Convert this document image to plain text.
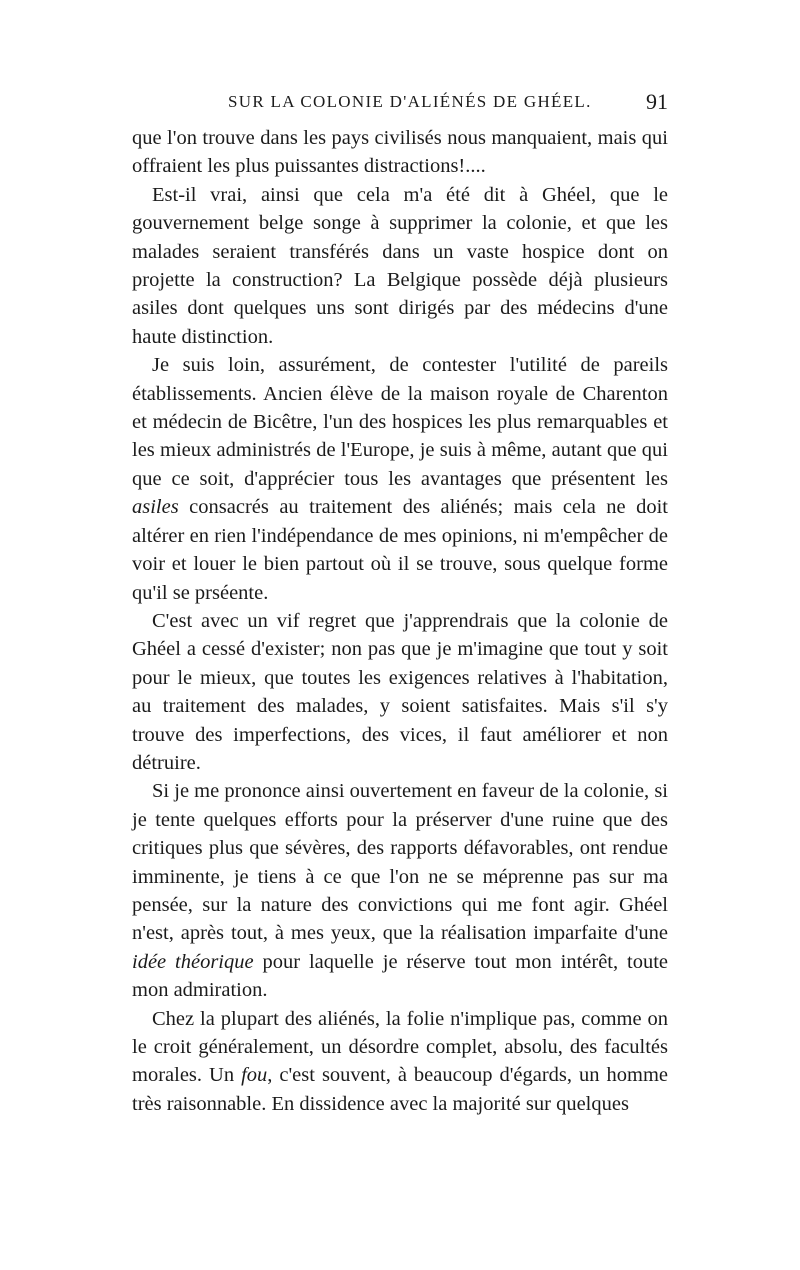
SUR LA COLONIE D'ALIÉNÉS DE GHÉEL. 91

que l'on trouve dans les pays civilisés nous manquaient, mais qui offraient les plus puissantes distractions!....

Est-il vrai, ainsi que cela m'a été dit à Ghéel, que le gouvernement belge songe à supprimer la colonie, et que les malades seraient transférés dans un vaste hospice dont on projette la construction? La Belgique possède déjà plusieurs asiles dont quelques uns sont dirigés par des médecins d'une haute distinction.

Je suis loin, assurément, de contester l'utilité de pareils établissements. Ancien élève de la maison royale de Charenton et médecin de Bicêtre, l'un des hospices les plus remarquables et les mieux administrés de l'Europe, je suis à même, autant que qui que ce soit, d'apprécier tous les avantages que présentent les asiles consacrés au traitement des aliénés; mais cela ne doit altérer en rien l'indépendance de mes opinions, ni m'empêcher de voir et louer le bien partout où il se trouve, sous quelque forme qu'il se prséente.

C'est avec un vif regret que j'apprendrais que la colonie de Ghéel a cessé d'exister; non pas que je m'imagine que tout y soit pour le mieux, que toutes les exigences relatives à l'habitation, au traitement des malades, y soient satisfaites. Mais s'il s'y trouve des imperfections, des vices, il faut améliorer et non détruire.

Si je me prononce ainsi ouvertement en faveur de la colonie, si je tente quelques efforts pour la préserver d'une ruine que des critiques plus que sévères, des rapports défavorables, ont rendue imminente, je tiens à ce que l'on ne se méprenne pas sur ma pensée, sur la nature des convictions qui me font agir. Ghéel n'est, après tout, à mes yeux, que la réalisation imparfaite d'une idée théorique pour laquelle je réserve tout mon intérêt, toute mon admiration.

Chez la plupart des aliénés, la folie n'implique pas, comme on le croit généralement, un désordre complet, absolu, des facultés morales. Un fou, c'est souvent, à beaucoup d'égards, un homme très raisonnable. En dissidence avec la majorité sur quelques
